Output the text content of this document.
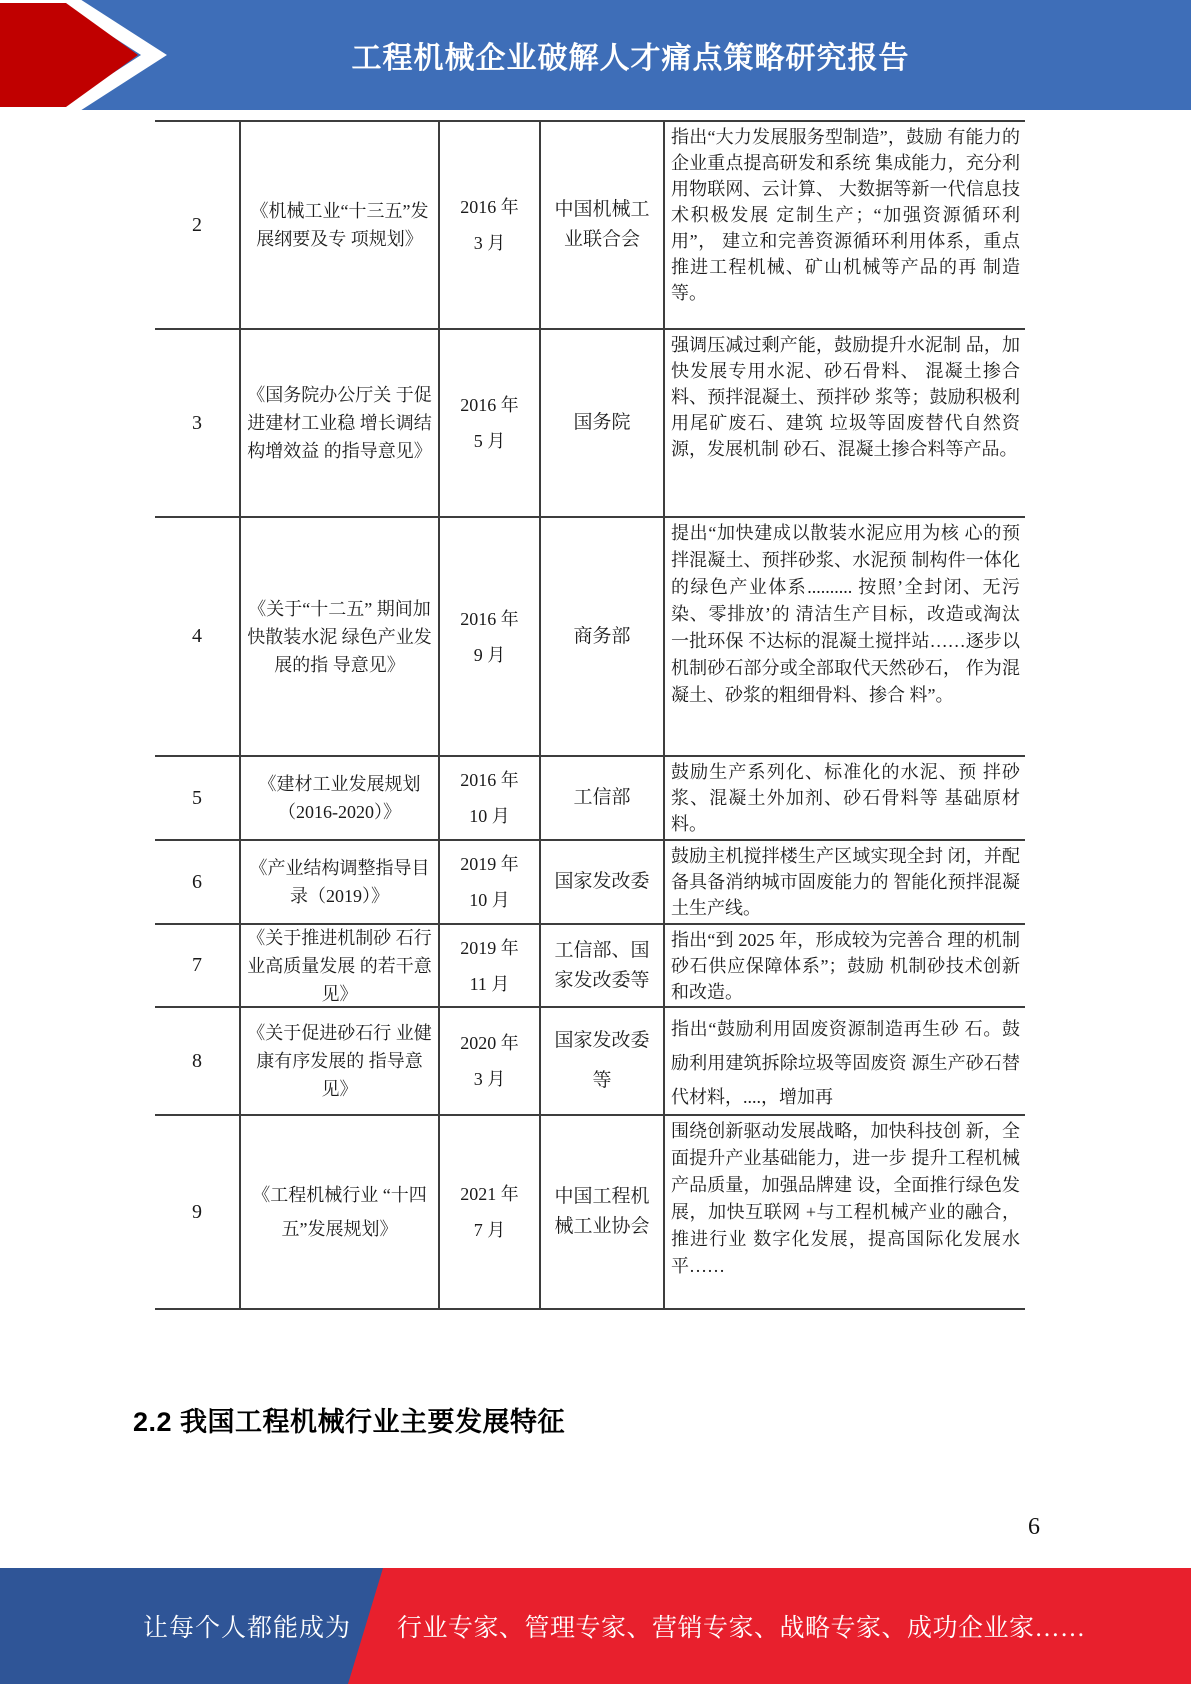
工程机械企业破解人才痛点策略研究报告
2
《机械工业“十三五”发展纲要及专 项规划》
2016 年
3 月
中国机械工业联合会
指出“大力发展服务型制造”，鼓励 有能力的企业重点提高研发和系统 集成能力，充分利用物联网、云计算、 大数据等新一代信息技术积极发展 定制生产；“加强资源循环利用”， 建立和完善资源循环利用体系，重点 推进工程机械、矿山机械等产品的再 制造等。
3
《国务院办公厅关 于促进建材工业稳 增长调结构增效益 的指导意见》
2016 年
5 月
国务院
强调压减过剩产能，鼓励提升水泥制 品，加快发展专用水泥、砂石骨料、 混凝土掺合料、预拌混凝土、预拌砂 浆等；鼓励积极利用尾矿废石、建筑 垃圾等固废替代自然资源，发展机制 砂石、混凝土掺合料等产品。
4
《关于“十二五” 期间加快散装水泥 绿色产业发展的指 导意见》
2016 年
9 月
商务部
提出“加快建成以散装水泥应用为核 心的预拌混凝土、预拌砂浆、水泥预 制构件一体化的绿色产业体系.......... 按照’全封闭、无污染、零排放’的 清洁生产目标，改造或淘汰一批环保 不达标的混凝土搅拌站……逐步以 机制砂石部分或全部取代天然砂石， 作为混凝土、砂浆的粗细骨料、掺合 料”。
5
《建材工业发展规划（2016-2020）》
2016 年
10 月
工信部
鼓励生产系列化、标准化的水泥、预 拌砂浆、混凝土外加剂、砂石骨料等 基础原材料。
6
《产业结构调整指导目录（2019）》
2019 年
10 月
国家发改委
鼓励主机搅拌楼生产区域实现全封 闭，并配备具备消纳城市固废能力的 智能化预拌混凝土生产线。
7
《关于推进机制砂 石行业高质量发展 的若干意见》
2019 年
11 月
工信部、国家发改委等
指出“到 2025 年，形成较为完善合 理的机制砂石供应保障体系”；鼓励 机制砂技术创新和改造。
8
《关于促进砂石行 业健康有序发展的 指导意见》
2020 年
3 月
国家发改委等
指出“鼓励利用固废资源制造再生砂 石。鼓励利用建筑拆除垃圾等固废资 源生产砂石替代材料，....，增加再
9
《工程机械行业 “十四五”发展规划》
2021 年
7 月
中国工程机械工业协会
围绕创新驱动发展战略，加快科技创 新，全面提升产业基础能力，进一步 提升工程机械产品质量，加强品牌建 设，全面推行绿色发展，加快互联网 +与工程机械产业的融合，推进行业 数字化发展，提高国际化发展水 平……
2.2 我国工程机械行业主要发展特征
6
让每个人都能成为 行业专家、管理专家、营销专家、战略专家、成功企业家……
